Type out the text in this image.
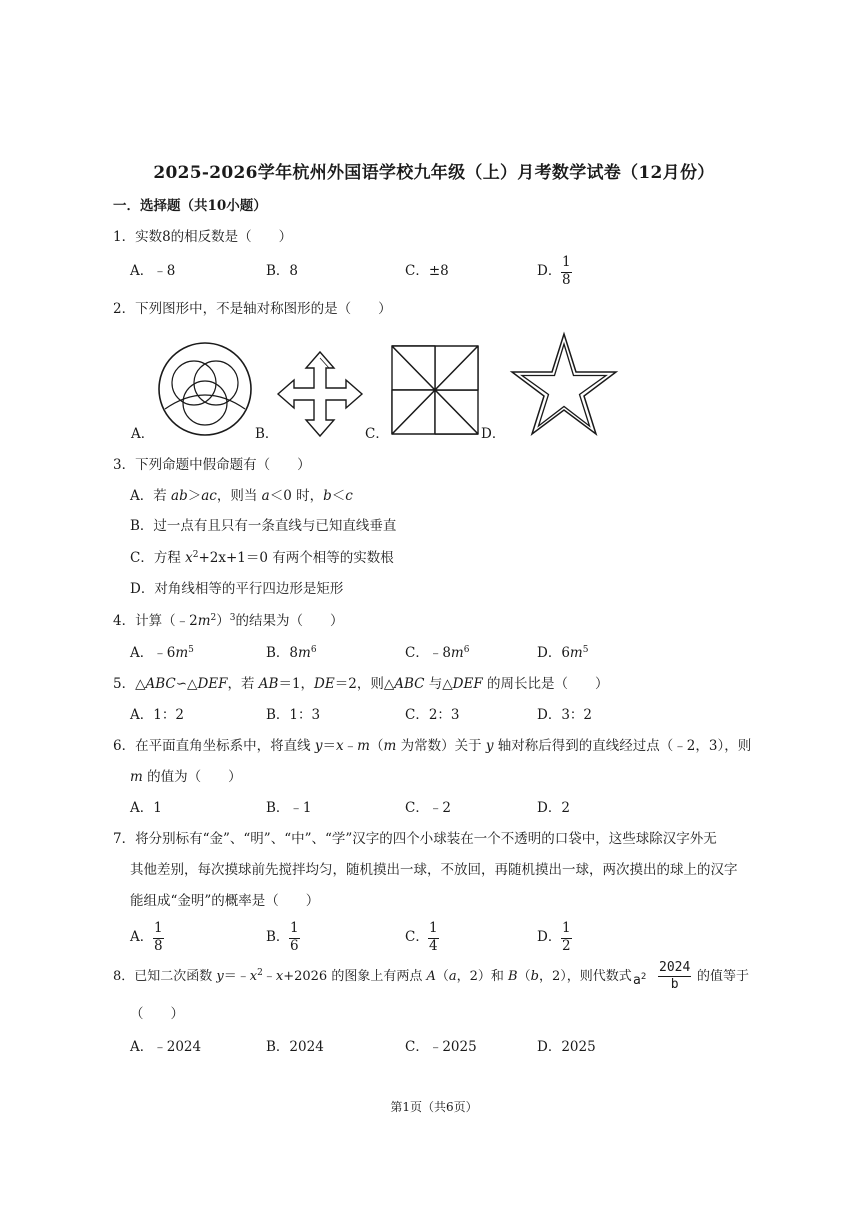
2025-2026学年杭州外国语学校九年级（上）月考数学试卷（12月份）
一．选择题（共10小题）
1．实数8的相反数是（　　）
A．﹣8	B．8	C．±8	D．
1
8
2．下列图形中，不是轴对称图形的是（　　）
A．	B．	C．	D．
3．下列命题中假命题有（　　）
A．若 ab＞ac，则当 a＜0 时，b＜c
B．过一点有且只有一条直线与已知直线垂直
C．方程 $x^2+2x+1=0$ 有两个相等的实数根
D．对角线相等的平行四边形是矩形
4．计算$(﹣2m^2)^3$的结果为（　　）
A．$﹣6m^5$	B．$8m^6$	C．$﹣8m^6$	D．$6m^5$
5．△ABC∽△DEF，若 AB＝1，DE＝2，则△ABC 与△DEF 的周长比是（　　）
A．1：2	B．1：3	C．2：3	D．3：2
6．在平面直角坐标系中，将直线 y＝x﹣m（m 为常数）关于 y 轴对称后得到的直线经过点（﹣2，3），则
m 的值为（　　）
A．1	B．﹣1	C．﹣2	D．2
7．将分别标有“金”、“明”、“中”、“学”汉字的四个小球装在一个不透明的口袋中，这些球除汉字外无
其他差别，每次摸球前先搅拌均匀，随机摸出一球，不放回，再随机摸出一球，两次摸出的球上的汉字
能组成“金明”的概率是（　　）
A．
1
8
B．
1
6
C．
1
4
D．
1
2
8．已知二次函数 $y=﹣x^2﹣x+2026$ 的图象上有两点 A（a，2）和 B（b，2），则代数式 $a^2$
2024
b
的值等于
（　　）
A．﹣2024	B．2024	C．﹣2025	D．2025
第1页（共6页）
